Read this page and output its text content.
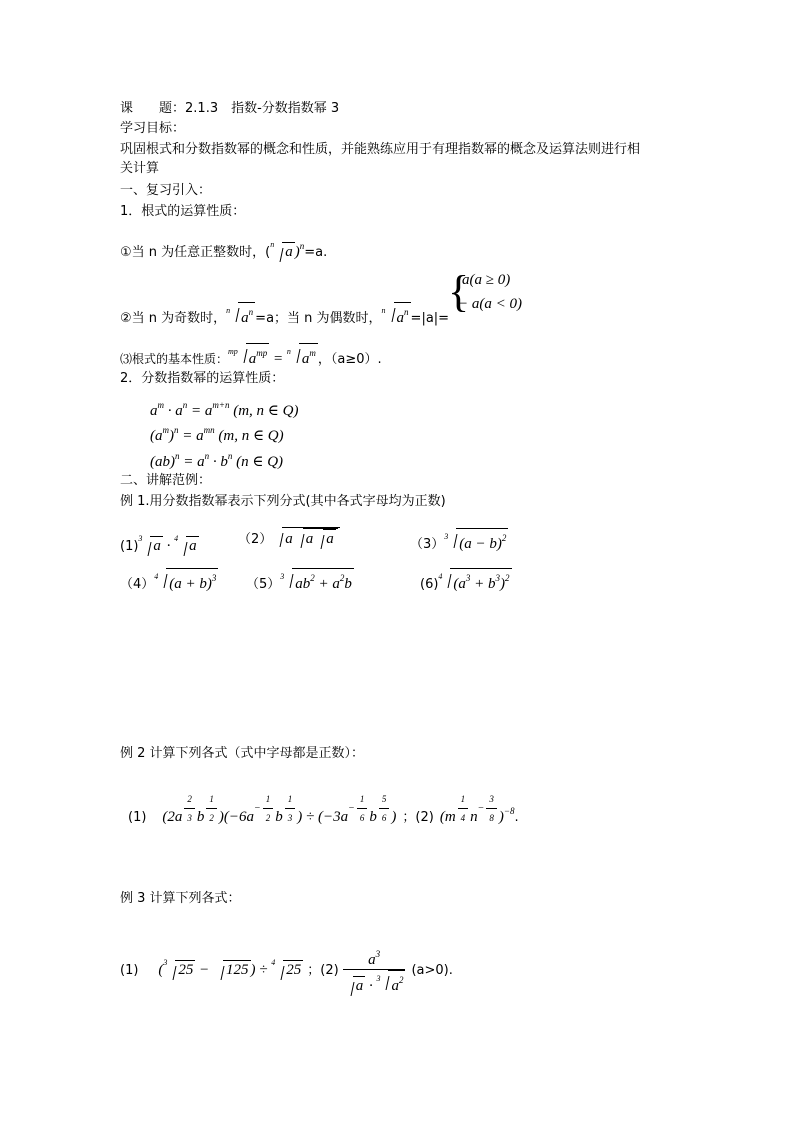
课　　题：2.1.3　指数-分数指数幂 3
学习目标：
巩固根式和分数指数幂的概念和性质，并能熟练应用于有理指数幂的概念及运算法则进行相
关计算
一、复习引入：
1．根式的运算性质：
①当 n 为任意正整数时，($^n$ a )$^n$=a.
②当 n 为奇数时，$^n$ $a^n =a$；当 n 为偶数时，$^n$ $a^n =|a|=$
{
a(a ≥ 0)
− a(a < 0)
⑶根式的基本性质：$^{mp}$ $a^{mp} = ^n$ $a^m$ ，（a≥0）.
2．分数指数幂的运算性质：
$a^m \cdot a^n = a^{m+n}$ (m, n ∈ Q)
$(a^m)^n = a^{mn}$ (m, n ∈ Q)
$(ab)^n = a^n \cdot b^n$ (n ∈ Q)
二、讲解范例：
例 1.用分数指数幂表示下列分式(其中各式字母均为正数)
$(1)^3$ a · $^4$ a	（2） a a a	$(3)^3$ $(a - b)^2$
$(4)^4$ $(a + b)^3$ $(5)^3$ $ab^2 + a^2b$	$(6)^4$ $(a^3 + b^3)^2$
例 2 计算下列各式（式中字母都是正数）：
(1) ($2a \frac{2}{3}$ b $\frac{1}{2} )(-6a- \frac{1}{2}$ b $\frac{1}{3}$ ) ÷ ($-3a- \frac{1}{6}$ b $\frac{5}{6}$ ) ；(2) $(m \frac{1}{4} n- \frac{3}{8} )^{-8}$.
例 3 计算下列各式：
(1) ($^3$ 25 − 125 ) ÷ $^4$ 25 ；$(2) \frac{a^3}{a \cdot ^3 a^2} (a>0)$.
